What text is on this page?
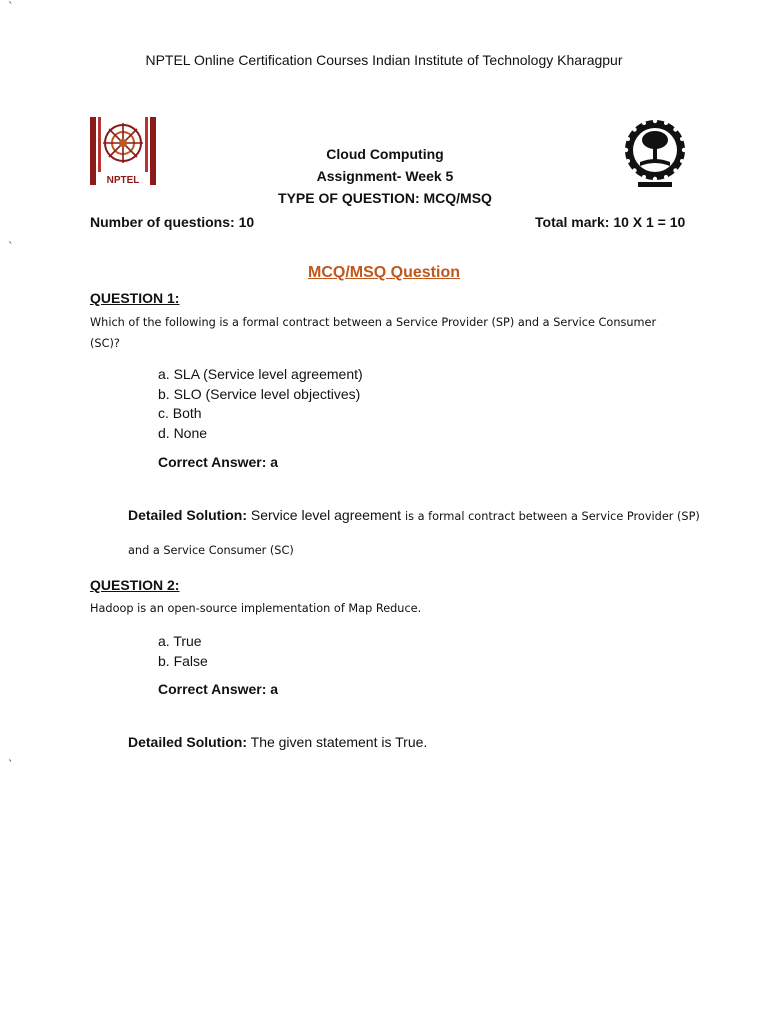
`
`
`
NPTEL Online Certification Courses Indian Institute of Technology Kharagpur
NPTEL
Cloud Computing
Assignment- Week 5
TYPE OF QUESTION: MCQ/MSQ
Number of questions: 10	Total mark: 10 X 1 = 10
MCQ/MSQ Question
QUESTION 1:
Which of the following is a formal contract between a Service Provider (SP) and a Service Consumer (SC)?
a. SLA (Service level agreement)
b. SLO (Service level objectives)
c. Both
d. None
Correct Answer: a
Detailed Solution: Service level agreement is a formal contract between a Service Provider (SP) and a Service Consumer (SC)
QUESTION 2:
Hadoop is an open-source implementation of Map Reduce.
a. True
b. False
Correct Answer: a
Detailed Solution: The given statement is True.
